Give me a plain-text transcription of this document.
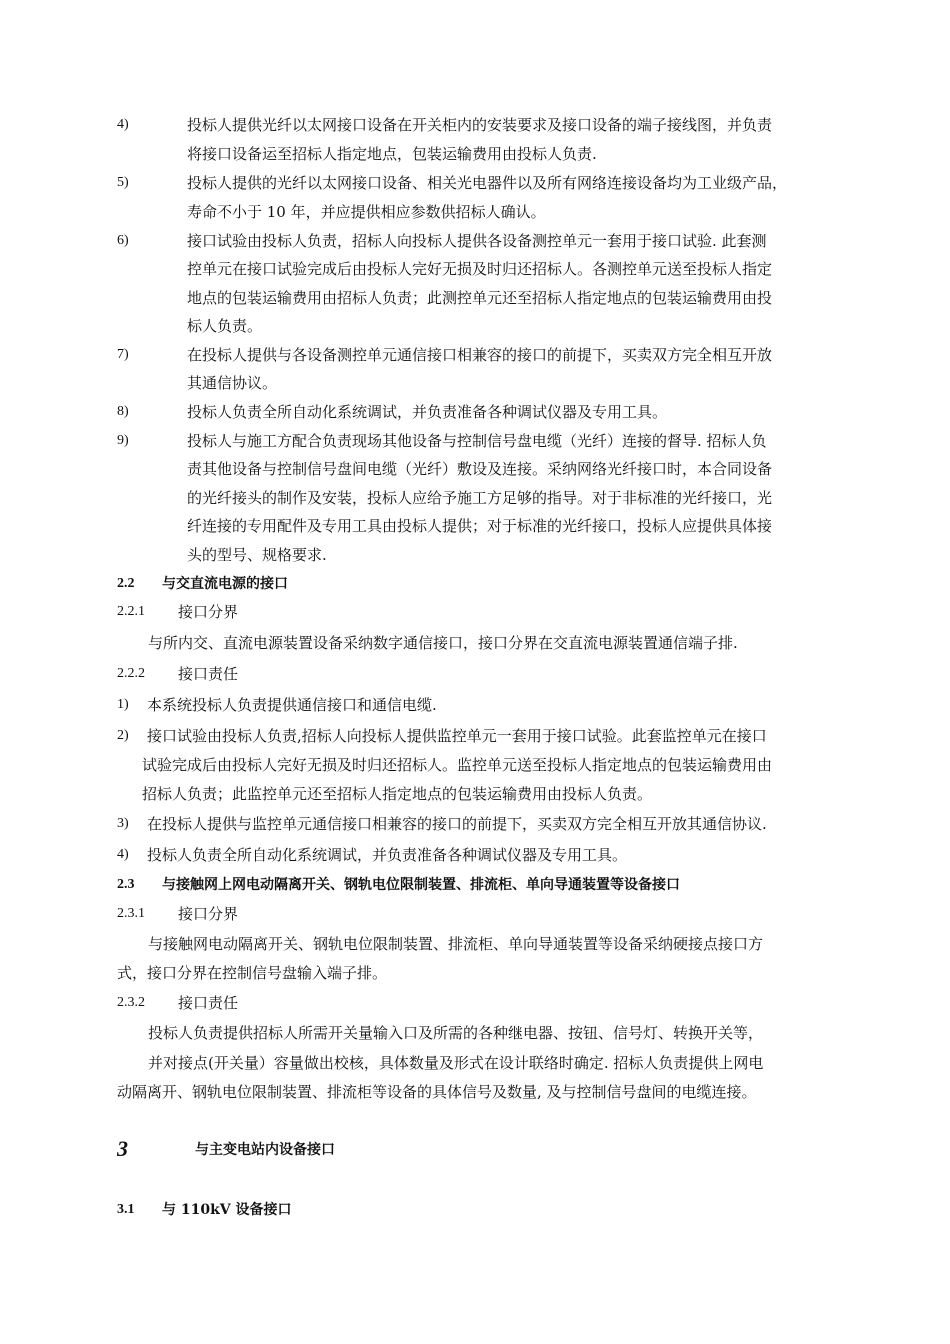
4)	投标人提供光纤以太网接口设备在开关柜内的安装要求及接口设备的端子接线图，并负责
将接口设备运至招标人指定地点，包装运输费用由投标人负责.
5)	投标人提供的光纤以太网接口设备、相关光电器件以及所有网络连接设备均为工业级产品，
寿命不小于 10 年，并应提供相应参数供招标人确认。
6)	接口试验由投标人负责，招标人向投标人提供各设备测控单元一套用于接口试验. 此套测
控单元在接口试验完成后由投标人完好无损及时归还招标人。各测控单元送至投标人指定
地点的包装运输费用由招标人负责；此测控单元还至招标人指定地点的包装运输费用由投
标人负责。
7)	在投标人提供与各设备测控单元通信接口相兼容的接口的前提下，买卖双方完全相互开放
其通信协议。
8)	投标人负责全所自动化系统调试，并负责准备各种调试仪器及专用工具。
9)	投标人与施工方配合负责现场其他设备与控制信号盘电缆（光纤）连接的督导. 招标人负
责其他设备与控制信号盘间电缆（光纤）敷设及连接。采纳网络光纤接口时，本合同设备
的光纤接头的制作及安装，投标人应给予施工方足够的指导。对于非标准的光纤接口，光
纤连接的专用配件及专用工具由投标人提供；对于标准的光纤接口，投标人应提供具体接
头的型号、规格要求.
2.2 与交直流电源的接口
2.2.1 接口分界
与所内交、直流电源装置设备采纳数字通信接口，接口分界在交直流电源装置通信端子排.
2.2.2 接口责任
1) 本系统投标人负责提供通信接口和通信电缆.
2) 接口试验由投标人负责,招标人向投标人提供监控单元一套用于接口试验。此套监控单元在接口
试验完成后由投标人完好无损及时归还招标人。监控单元送至投标人指定地点的包装运输费用由
招标人负责；此监控单元还至招标人指定地点的包装运输费用由投标人负责。
3) 在投标人提供与监控单元通信接口相兼容的接口的前提下，买卖双方完全相互开放其通信协议.
4) 投标人负责全所自动化系统调试，并负责准备各种调试仪器及专用工具。
2.3 与接触网上网电动隔离开关、钢轨电位限制装置、排流柜、单向导通装置等设备接口
2.3.1 接口分界
与接触网电动隔离开关、钢轨电位限制装置、排流柜、单向导通装置等设备采纳硬接点接口方
式，接口分界在控制信号盘输入端子排。
2.3.2 接口责任
投标人负责提供招标人所需开关量输入口及所需的各种继电器、按钮、信号灯、转换开关等，
并对接点(开关量）容量做出校核，具体数量及形式在设计联络时确定. 招标人负责提供上网电
动隔离开、钢轨电位限制装置、排流柜等设备的具体信号及数量, 及与控制信号盘间的电缆连接。
3	与主变电站内设备接口
3.1 与 110kV 设备接口
